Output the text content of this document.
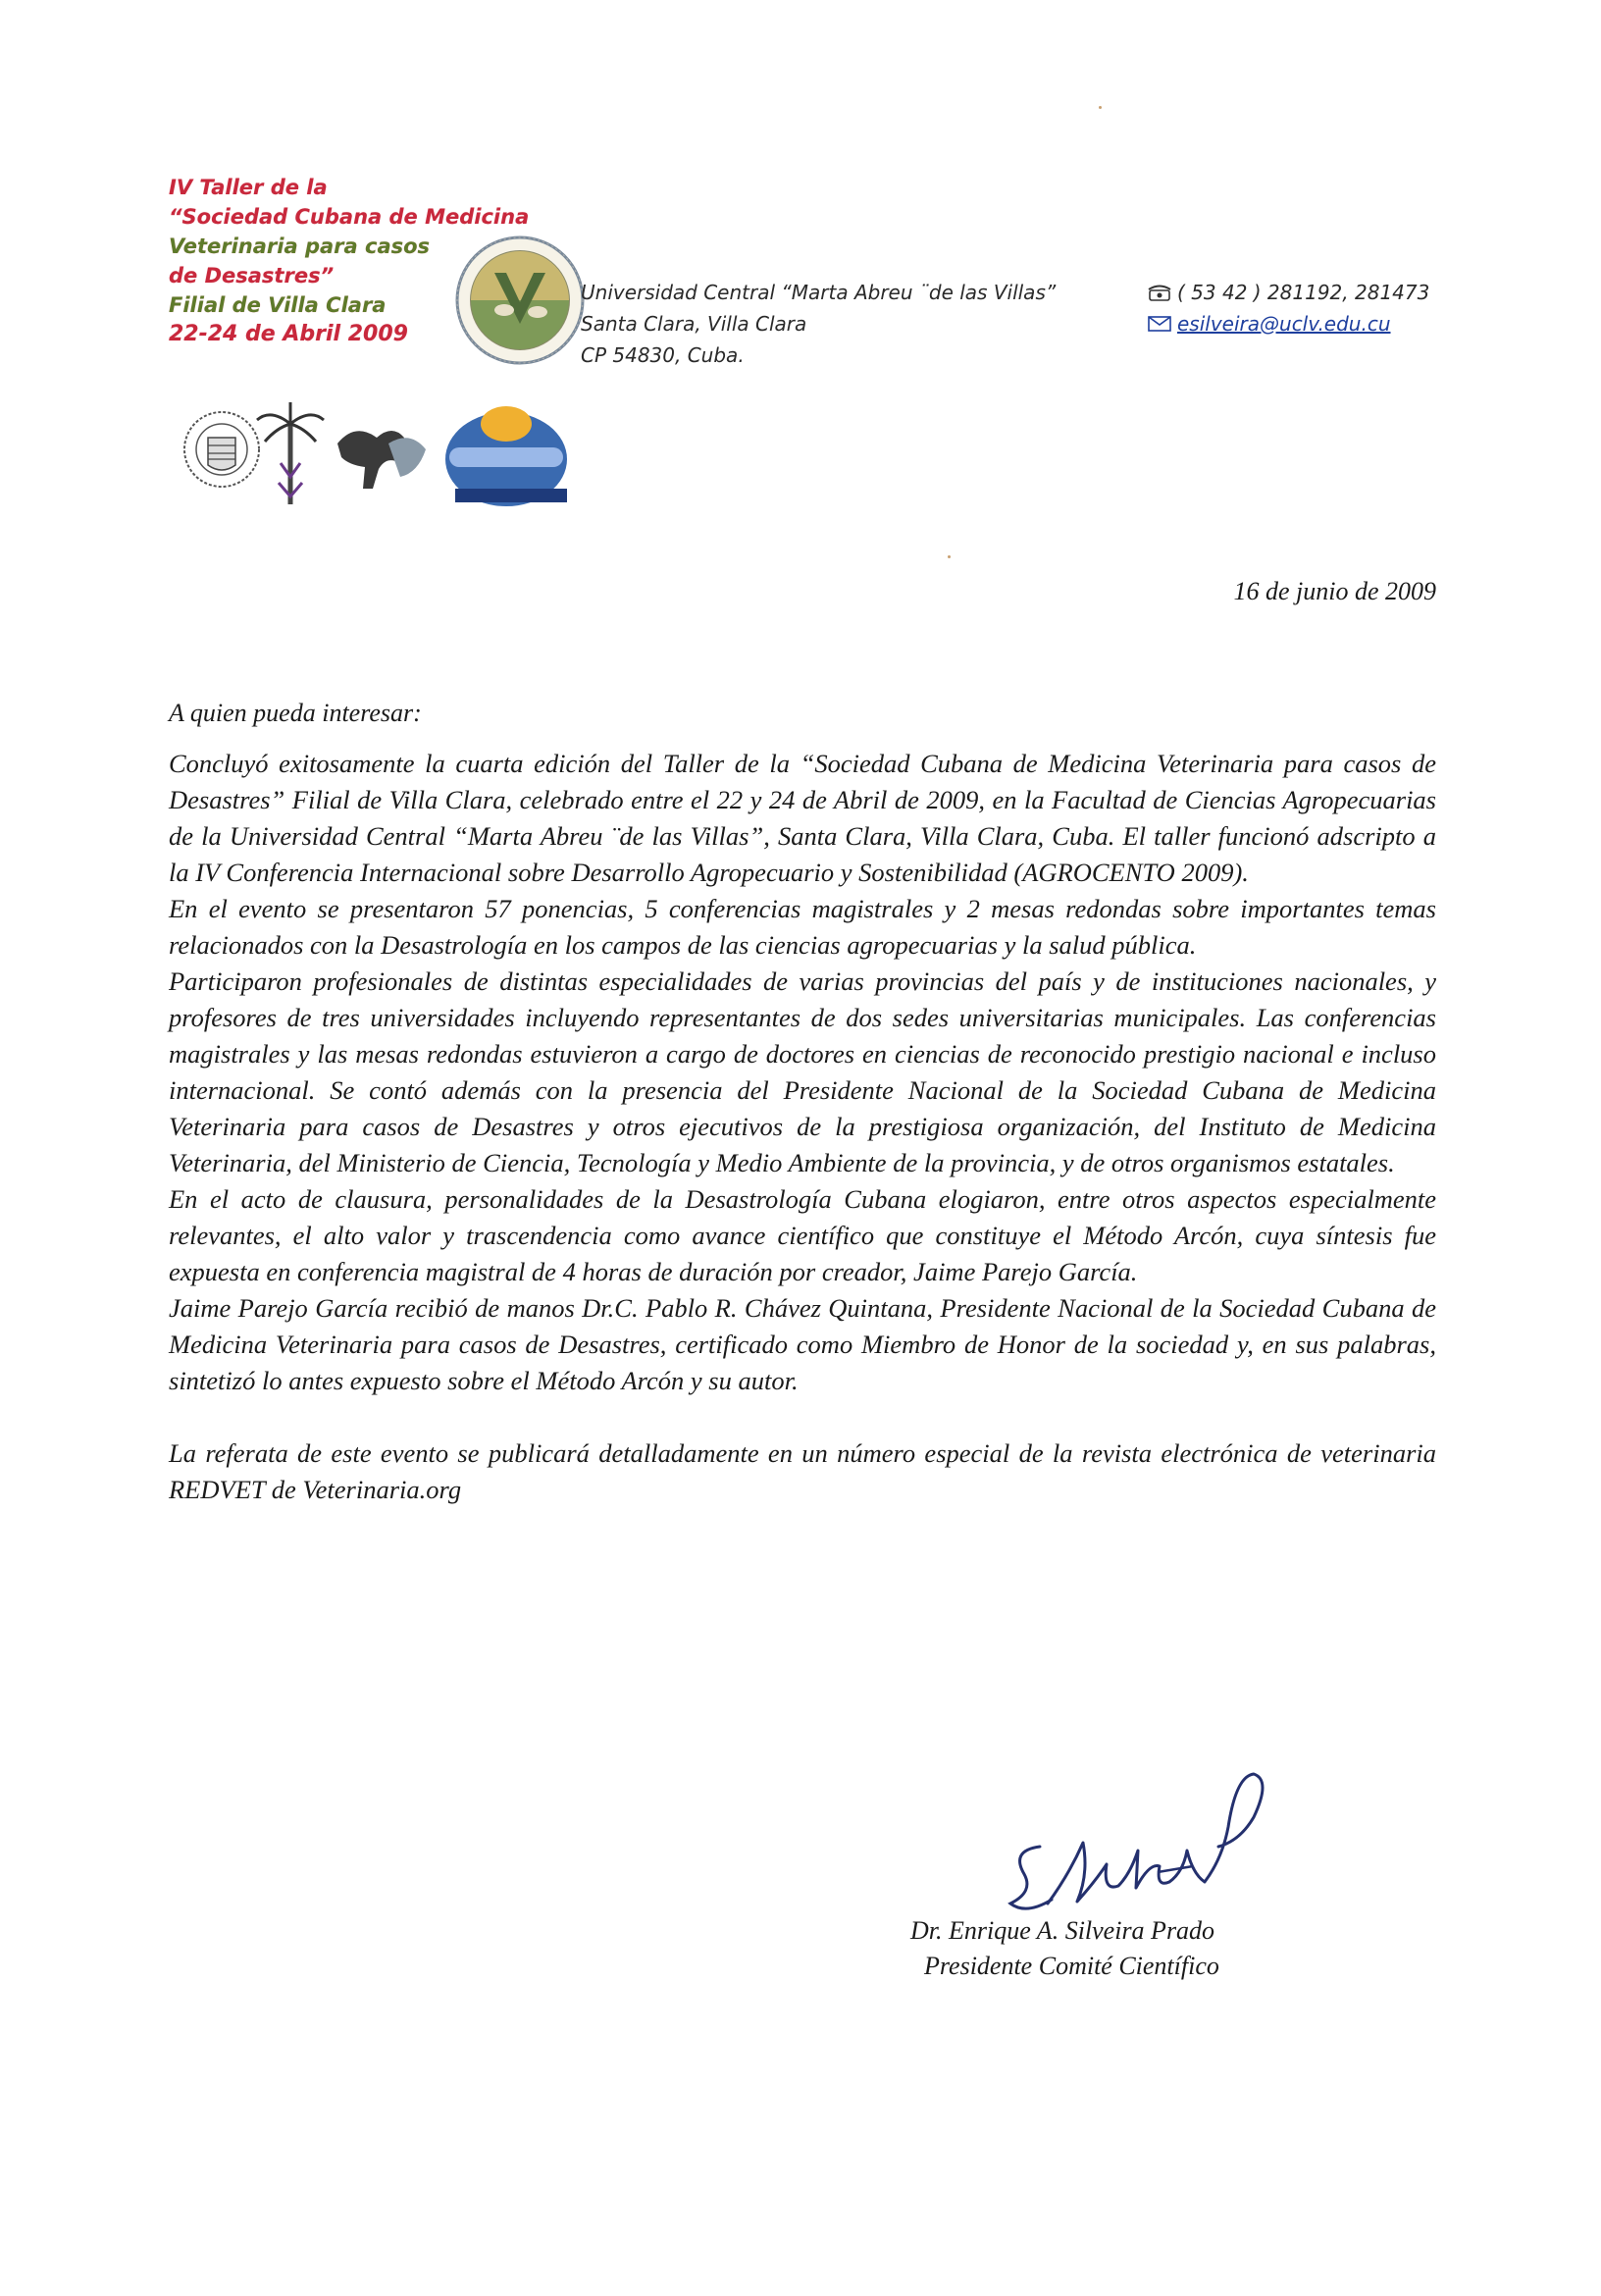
IV Taller de la
“Sociedad Cubana de Medicina
Veterinaria para casos
de Desastres”
Filial de Villa Clara
22-24 de Abril 2009
Universidad Central “Marta Abreu ¨de las Villas”
Santa Clara, Villa Clara
CP 54830, Cuba.
( 53 42 ) 281192, 281473
esilveira@uclv.edu.cu
16 de junio de 2009
A quien pueda interesar:

Concluyó exitosamente la cuarta edición del Taller de la “Sociedad Cubana de Medicina Veterinaria para casos de Desastres” Filial de Villa Clara, celebrado entre el 22 y 24 de Abril de 2009, en la Facultad de Ciencias Agropecuarias de la Universidad Central “Marta Abreu ¨de las Villas”, Santa Clara, Villa Clara, Cuba. El taller funcionó adscripto a la IV Conferencia Internacional sobre Desarrollo Agropecuario y Sostenibilidad (AGROCENTO 2009).

En el evento se presentaron 57 ponencias, 5 conferencias magistrales y 2 mesas redondas sobre importantes temas relacionados con la Desastrología en los campos de las ciencias agropecuarias y la salud pública.

Participaron profesionales de distintas especialidades de varias provincias del país y de instituciones nacionales, y profesores de tres universidades incluyendo representantes de dos sedes universitarias municipales. Las conferencias magistrales y las mesas redondas estuvieron a cargo de doctores en ciencias de reconocido prestigio nacional e incluso internacional. Se contó además con la presencia del Presidente Nacional de la Sociedad Cubana de Medicina Veterinaria para casos de Desastres y otros ejecutivos de la prestigiosa organización, del Instituto de Medicina Veterinaria, del Ministerio de Ciencia, Tecnología y Medio Ambiente de la provincia, y de otros organismos estatales.

En el acto de clausura, personalidades de la Desastrología Cubana elogiaron, entre otros aspectos especialmente relevantes, el alto valor y trascendencia como avance científico que constituye el Método Arcón, cuya síntesis fue expuesta en conferencia magistral de 4 horas de duración por creador, Jaime Parejo García.

Jaime Parejo García recibió de manos Dr.C. Pablo R. Chávez Quintana, Presidente Nacional de la Sociedad Cubana de Medicina Veterinaria para casos de Desastres, certificado como Miembro de Honor de la sociedad y, en sus palabras, sintetizó lo antes expuesto sobre el Método Arcón y su autor.

La referata de este evento se publicará detalladamente en un número especial de la revista electrónica de veterinaria REDVET de Veterinaria.org

Dr. Enrique A. Silveira Prado
Presidente Comité Científico
